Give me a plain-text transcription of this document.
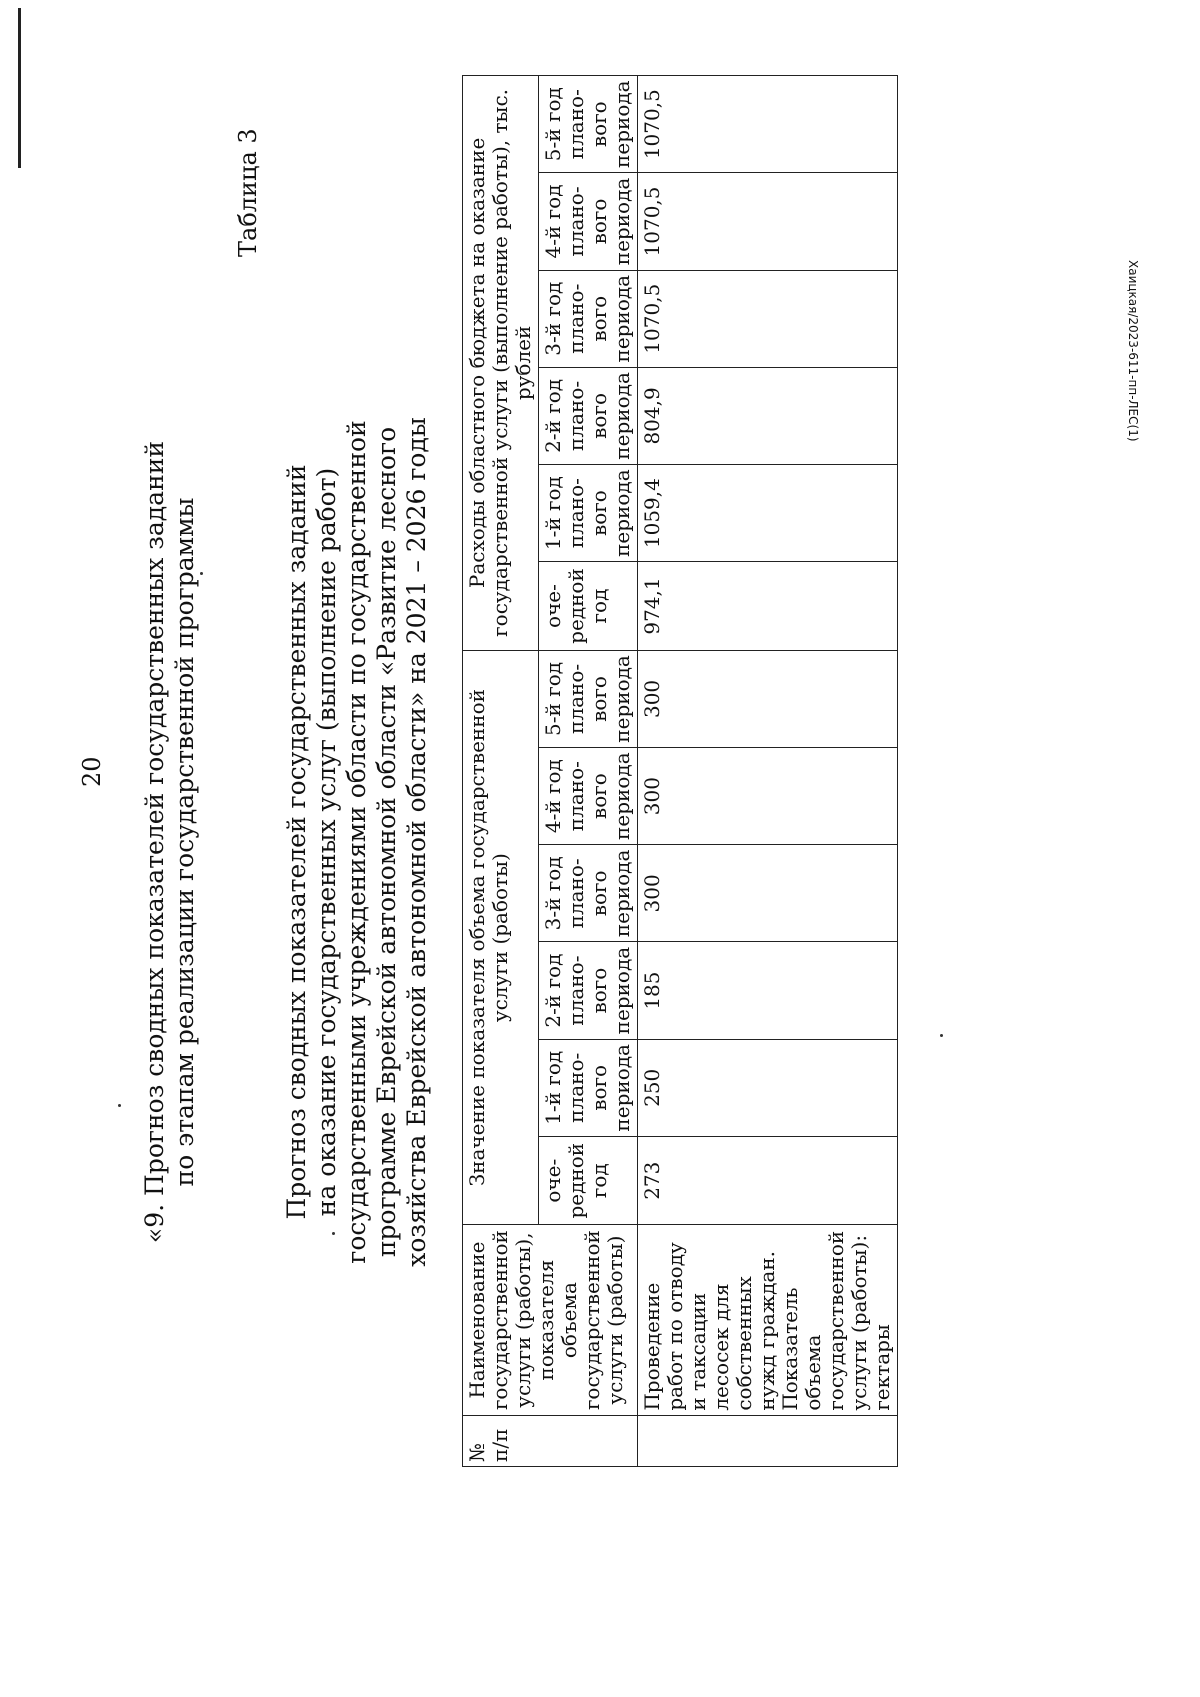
Хаицкая/2023-611-пп-ЛЕС(1)
20
Таблица 3
«9. Прогноз сводных показателей государственных заданий по этапам реализации государственной программы	Прогноз сводных показателей государственных заданий на оказание государственных услуг (выполнение работ) государственными учреждениями области по государственной программе Еврейской автономной области «Развитие лесного хозяйства Еврейской автономной области» на 2021 – 2026 годы
№ п/п	Наименование государственной услуги (работы), показателя объема государственной услуги (работы)	Значение показателя объема государственной услуги (работы)						Расходы областного бюджета на оказание государственной услуги (выполнение работы), тыс. рублей					
		оче-редной год	1-й год плано-вого периода	2-й год плано-вого периода	3-й год плано-вого периода	4-й год плано-вого периода	5-й год плано-вого периода	оче-редной год	1-й год плано-вого периода	2-й год плано-вого периода	3-й год плано-вого периода	4-й год плано-вого периода	5-й год плано-вого периода
	Проведение работ по отводу и таксации лесосек для собственных нужд граждан. Показатель объема государственной услуги (работы): гектары	273	250	185	300	300	300	974,1	1059,4	804,9	1070,5	1070,5	1070,5
